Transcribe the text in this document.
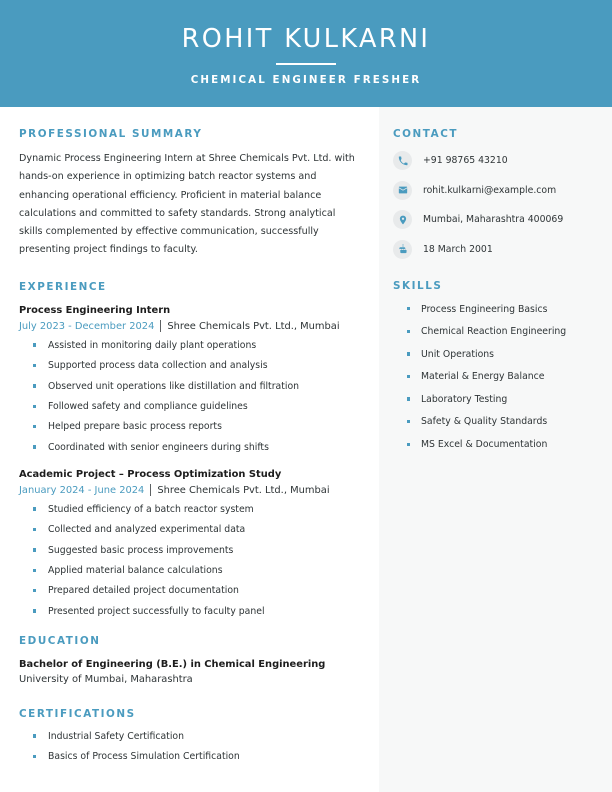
ROHIT KULKARNI
CHEMICAL ENGINEER FRESHER
PROFESSIONAL SUMMARY

Dynamic Process Engineering Intern at Shree Chemicals Pvt. Ltd. with hands-on experience in optimizing batch reactor systems and enhancing operational efficiency. Proficient in material balance calculations and committed to safety standards. Strong analytical skills complemented by effective communication, successfully presenting project findings to faculty.

EXPERIENCE
Process Engineering Intern
July 2023 - December 2024 Shree Chemicals Pvt. Ltd., Mumbai
Assisted in monitoring daily plant operations
Supported process data collection and analysis
Observed unit operations like distillation and filtration
Followed safety and compliance guidelines
Helped prepare basic process reports
Coordinated with senior engineers during shifts
Academic Project – Process Optimization Study
January 2024 - June 2024 Shree Chemicals Pvt. Ltd., Mumbai
Studied efficiency of a batch reactor system
Collected and analyzed experimental data
Suggested basic process improvements
Applied material balance calculations
Prepared detailed project documentation
Presented project successfully to faculty panel
EDUCATION

Bachelor of Engineering (B.E.) in Chemical Engineering

University of Mumbai, Maharashtra

CERTIFICATIONS
Industrial Safety Certification
Basics of Process Simulation Certification
CONTACT
+91 98765 43210
rohit.kulkarni@example.com
Mumbai, Maharashtra 400069
18 March 2001
SKILLS
Process Engineering Basics
Chemical Reaction Engineering
Unit Operations
Material & Energy Balance
Laboratory Testing
Safety & Quality Standards
MS Excel & Documentation
